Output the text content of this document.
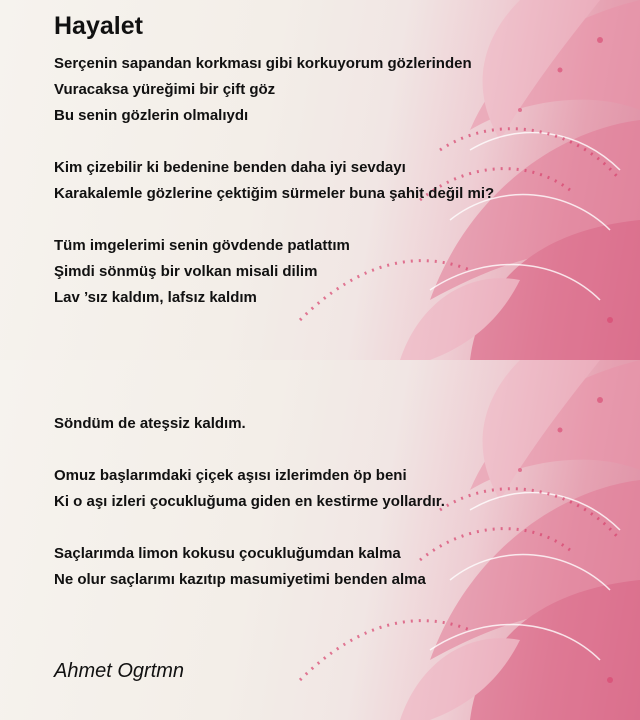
Hayalet
Serçenin sapandan korkması gibi korkuyorum gözlerinden
Vuracaksa yüreğimi bir çift göz
Bu senin gözlerin olmalıydı
Kim çizebilir ki bedenine benden daha iyi sevdayı
Karakalemle gözlerine çektiğim sürmeler buna şahit değil mi?
Tüm imgelerimi senin gövdende patlattım
Şimdi sönmüş bir volkan misali dilim
Lav ’sız kaldım, lafsız kaldım
Söndüm de ateşsiz kaldım.
Omuz başlarımdaki çiçek aşısı izlerimden öp beni
Ki o aşı izleri çocukluğuma giden en kestirme yollardır.
Saçlarımda limon kokusu çocukluğumdan kalma
Ne olur saçlarımı kazıtıp masumiyetimi benden alma
Ahmet Ogrtmn
